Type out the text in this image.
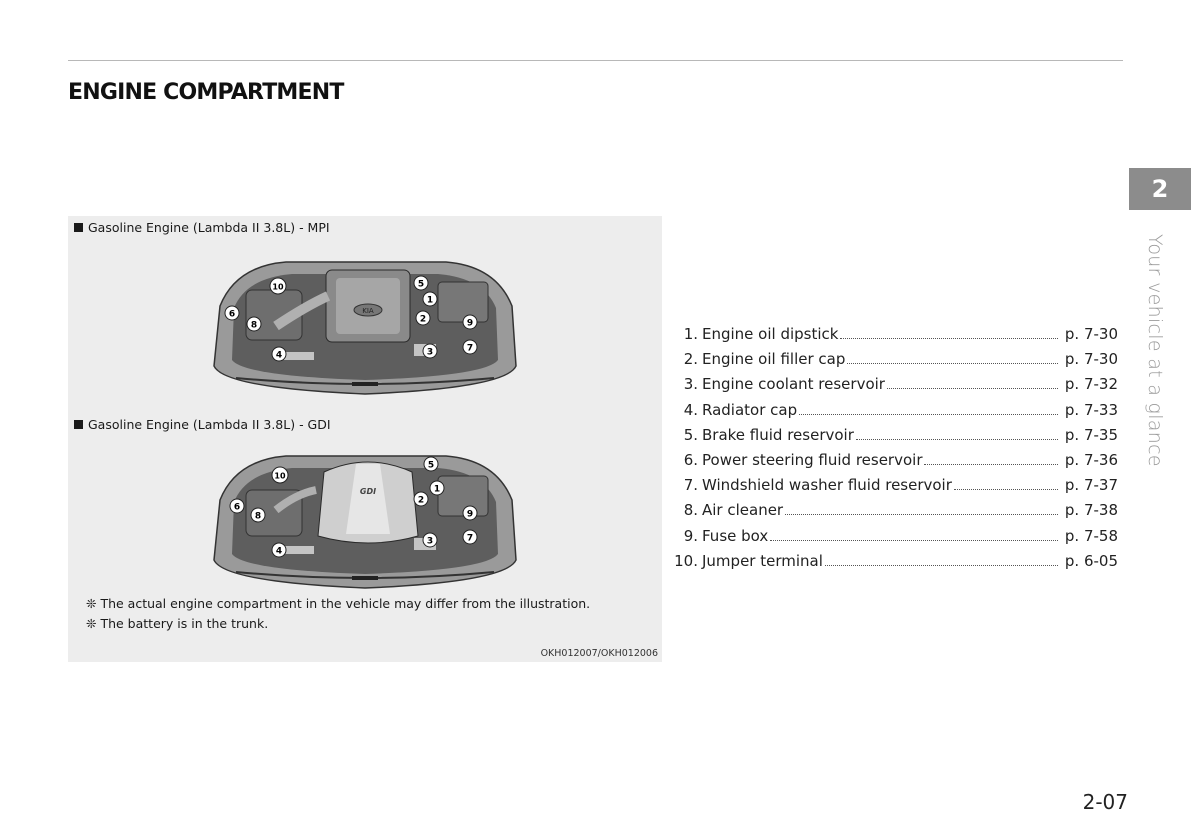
ENGINE COMPARTMENT
2
Your vehicle at a glance
Gasoline Engine (Lambda II 3.8L) - MPI
KIA
5
1
2
3
4
6
7
8	9
10
Gasoline Engine (Lambda II 3.8L) - GDI
GDI
5
1
2
3
4
6
7
8	9
10
❊ The actual engine compartment in the vehicle may differ from the illustration.
❊ The battery is in the trunk.
OKH012007/OKH012006
1. Engine oil dipstick	p. 7-30
2. Engine oil filler cap	p. 7-30
3. Engine coolant reservoir	p. 7-32
4. Radiator cap	p. 7-33
5. Brake fluid reservoir	p. 7-35
6. Power steering fluid reservoir	p. 7-36
7. Windshield washer fluid reservoir	p. 7-37
8. Air cleaner	p. 7-38
9. Fuse box	p. 7-58
10. Jumper terminal	p. 6-05
2-07
